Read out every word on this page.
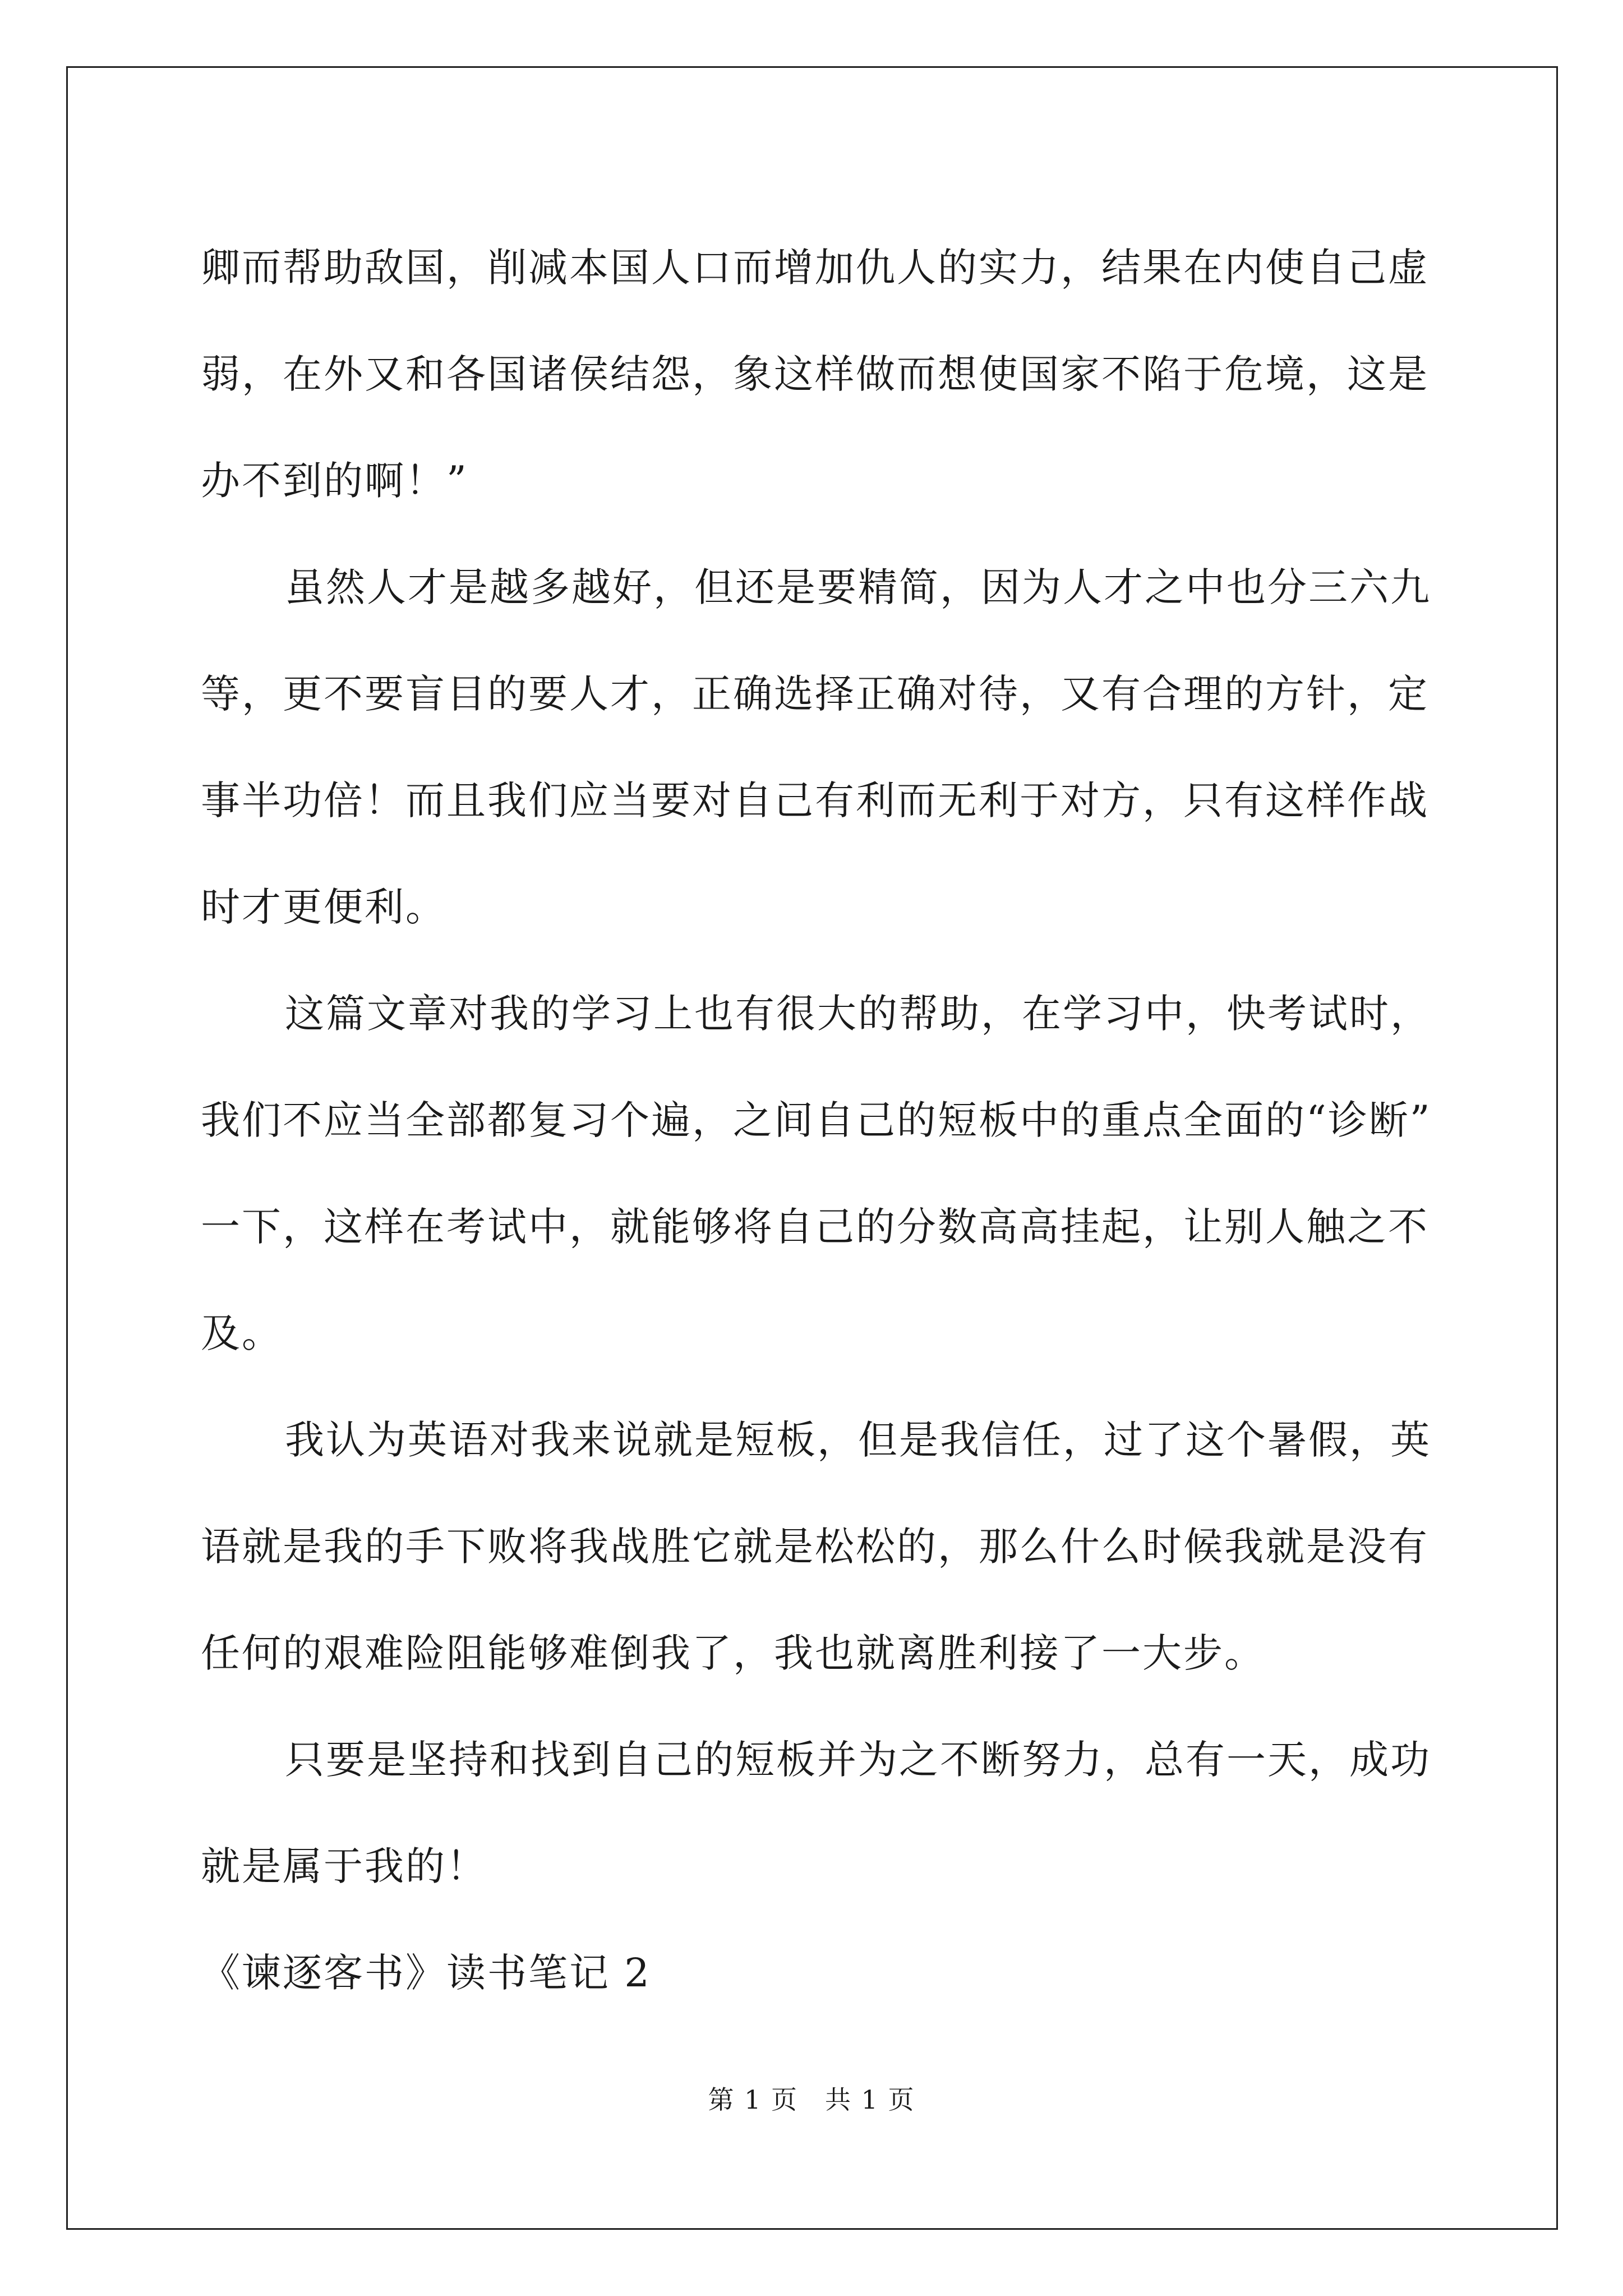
卿而帮助敌国，削减本国人口而增加仇人的实力，结果在内使自己虚
弱，在外又和各国诸侯结怨，象这样做而想使国家不陷于危境，这是
办不到的啊！”
虽然人才是越多越好，但还是要精简，因为人才之中也分三六九
等，更不要盲目的要人才，正确选择正确对待，又有合理的方针，定
事半功倍！而且我们应当要对自己有利而无利于对方，只有这样作战
时才更便利。
这篇文章对我的学习上也有很大的帮助，在学习中，快考试时，
我们不应当全部都复习个遍，之间自己的短板中的重点全面的“诊断”
一下，这样在考试中，就能够将自己的分数高高挂起，让别人触之不
及。
我认为英语对我来说就是短板，但是我信任，过了这个暑假，英
语就是我的手下败将我战胜它就是松松的，那么什么时候我就是没有
任何的艰难险阻能够难倒我了，我也就离胜利接了一大步。
只要是坚持和找到自己的短板并为之不断努力，总有一天，成功
就是属于我的！
《谏逐客书》读书笔记 2
第 1 页　共 1 页
